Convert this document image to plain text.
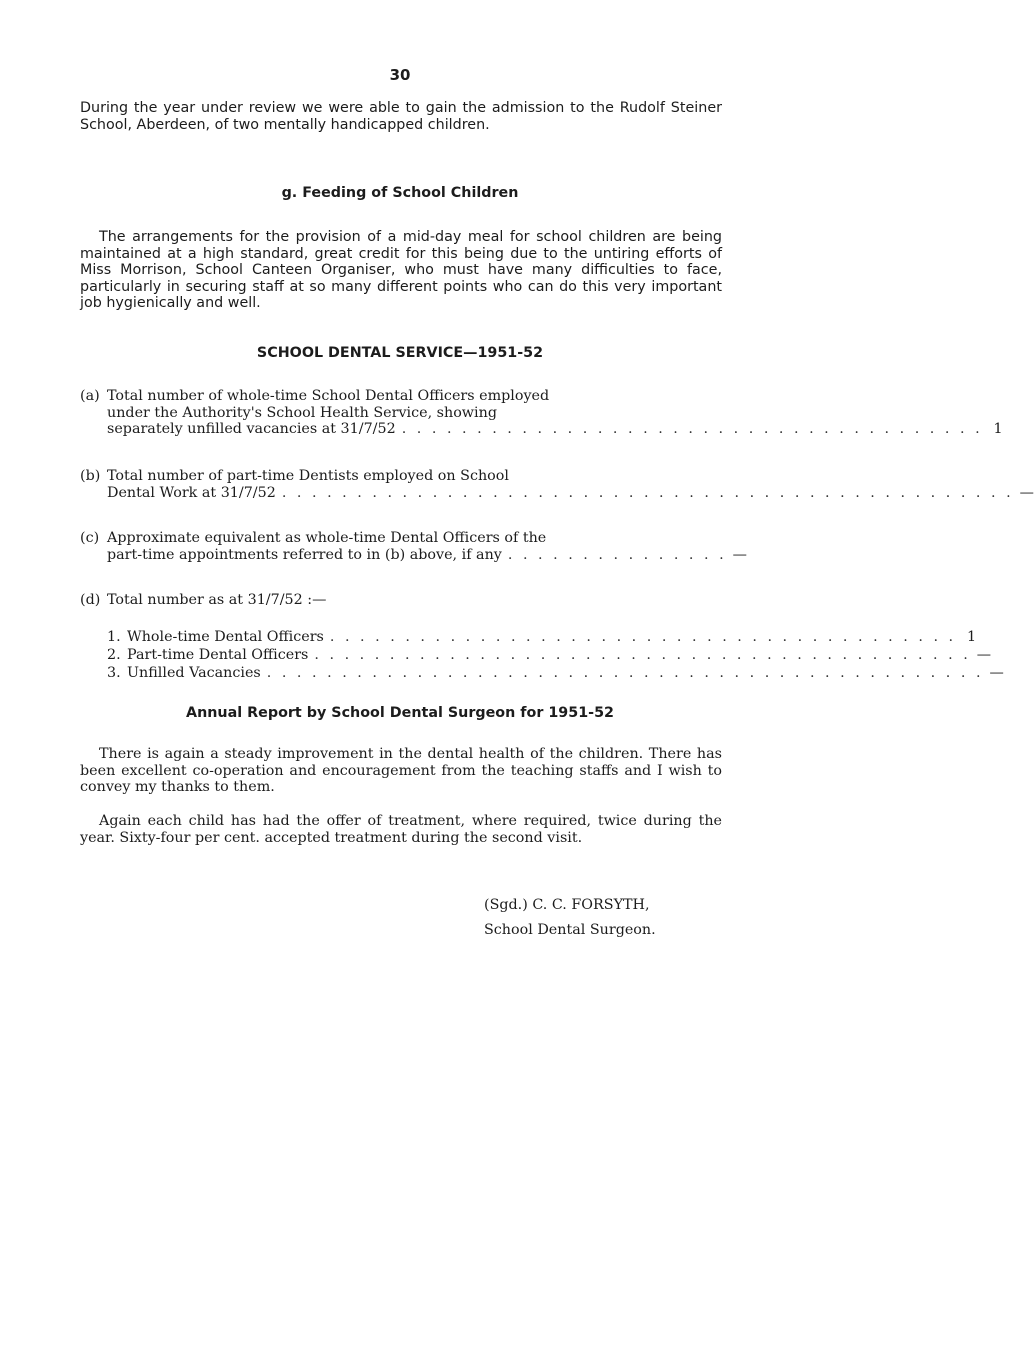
30

During the year under review we were able to gain the admission to the Rudolf Steiner School, Aberdeen, of two mentally handicapped children.

g. Feeding of School Children

The arrangements for the provision of a mid-day meal for school children are being maintained at a high standard, great credit for this being due to the untiring efforts of Miss Morrison, School Canteen Organiser, who must have many difficulties to face, particularly in securing staff at so many different points who can do this very important job hygienically and well.

SCHOOL DENTAL SERVICE—1951-52
(a) Total number of whole-time School Dental Officers employed
under the Authority's School Health Service, showing
separately unfilled vacancies at 31/7/52 . . . . . . . . . . . . . . . . . . . . . . . . . . . . . . . . . . . . . . . 1
(b) Total number of part-time Dentists employed on School
Dental Work at 31/7/52 . . . . . . . . . . . . . . . . . . . . . . . . . . . . . . . . . . . . . . . . . . . . . . . . . —
(c) Approximate equivalent as whole-time Dental Officers of the
part-time appointments referred to in (b) above, if any . . . . . . . . . . . . . . . —
(d) Total number as at 31/7/52 :—
1. Whole-time Dental Officers . . . . . . . . . . . . . . . . . . . . . . . . . . . . . . . . . . . . . . . . . . 1
2. Part-time Dental Officers . . . . . . . . . . . . . . . . . . . . . . . . . . . . . . . . . . . . . . . . . . . . —
3. Unfilled Vacancies . . . . . . . . . . . . . . . . . . . . . . . . . . . . . . . . . . . . . . . . . . . . . . . . —
Annual Report by School Dental Surgeon for 1951-52

There is again a steady improvement in the dental health of the children. There has been excellent co-operation and encouragement from the teaching staffs and I wish to convey my thanks to them.

Again each child has had the offer of treatment, where required, twice during the year. Sixty-four per cent. accepted treatment during the second visit.

(Sgd.) C. C. FORSYTH,
School Dental Surgeon.
